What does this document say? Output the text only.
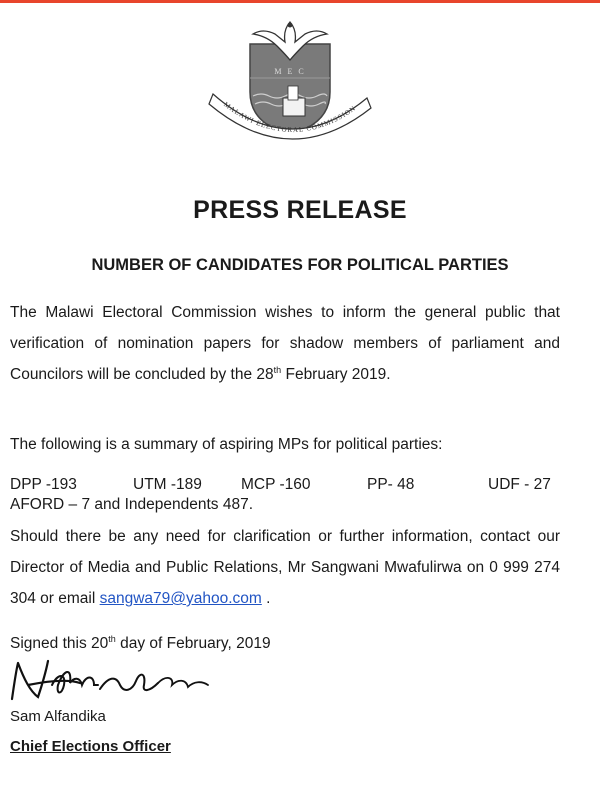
M E C
MALAWI ELECTORAL COMMISSION
PRESS RELEASE
NUMBER OF CANDIDATES FOR POLITICAL PARTIES

The Malawi Electoral Commission wishes to inform the general public that verification of nomination papers for shadow members of parliament and Councilors will be concluded by the 28th February 2019.

The following is a summary of aspiring MPs for political parties:

DPP -193	UTM -189	MCP -160	PP- 48	UDF - 27
AFORD – 7 and Independents 487.

Should there be any need for clarification or further information, contact our Director of Media and Public Relations, Mr Sangwani Mwafulirwa on 0 999 274 304 or email sangwa79@yahoo.com .

Signed this 20th day of February, 2019

Sam Alfandika
Chief Elections Officer
